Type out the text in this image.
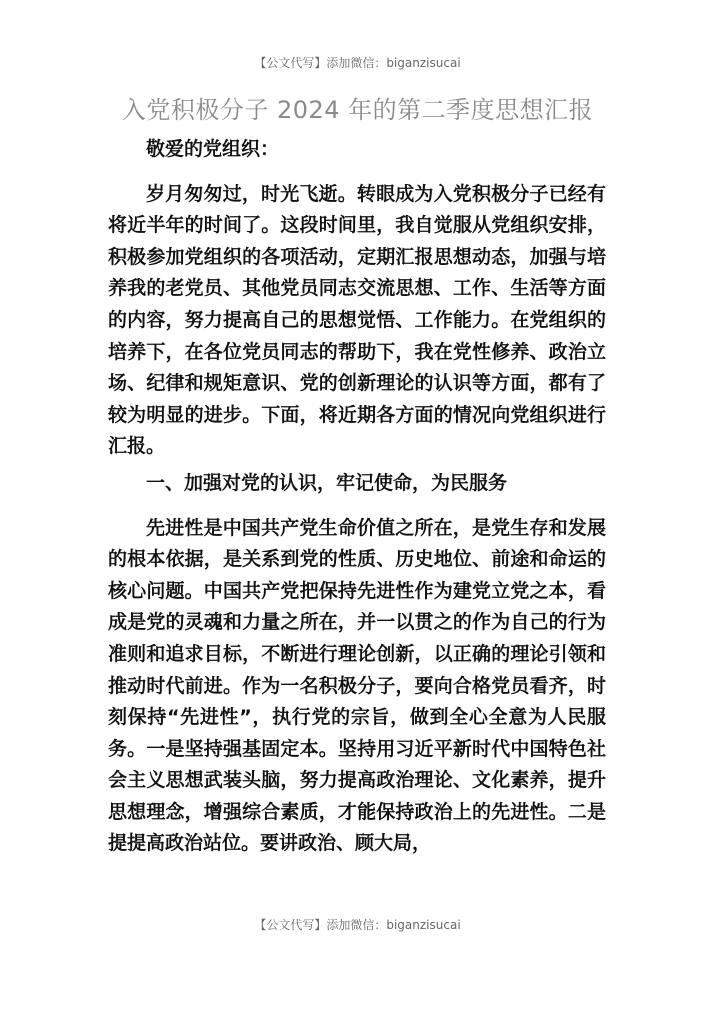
【公文代写】添加微信：biganzisucai
入党积极分子 2024 年的第二季度思想汇报

敬爱的党组织：

岁月匆匆过，时光飞逝。转眼成为入党积极分子已经有将近半年的时间了。这段时间里，我自觉服从党组织安排，积极参加党组织的各项活动，定期汇报思想动态，加强与培养我的老党员、其他党员同志交流思想、工作、生活等方面的内容，努力提高自己的思想觉悟、工作能力。在党组织的培养下，在各位党员同志的帮助下，我在党性修养、政治立场、纪律和规矩意识、党的创新理论的认识等方面，都有了较为明显的进步。下面，将近期各方面的情况向党组织进行汇报。

一、加强对党的认识，牢记使命，为民服务

先进性是中国共产党生命价值之所在，是党生存和发展的根本依据，是关系到党的性质、历史地位、前途和命运的核心问题。中国共产党把保持先进性作为建党立党之本，看成是党的灵魂和力量之所在，并一以贯之的作为自己的行为准则和追求目标，不断进行理论创新，以正确的理论引领和推动时代前进。作为一名积极分子，要向合格党员看齐，时刻保持“先进性”，执行党的宗旨，做到全心全意为人民服务。一是坚持强基固定本。坚持用习近平新时代中国特色社会主义思想武装头脑，努力提高政治理论、文化素养，提升思想理念，增强综合素质，才能保持政治上的先进性。二是提提高政治站位。要讲政治、顾大局，

【公文代写】添加微信：biganzisucai
